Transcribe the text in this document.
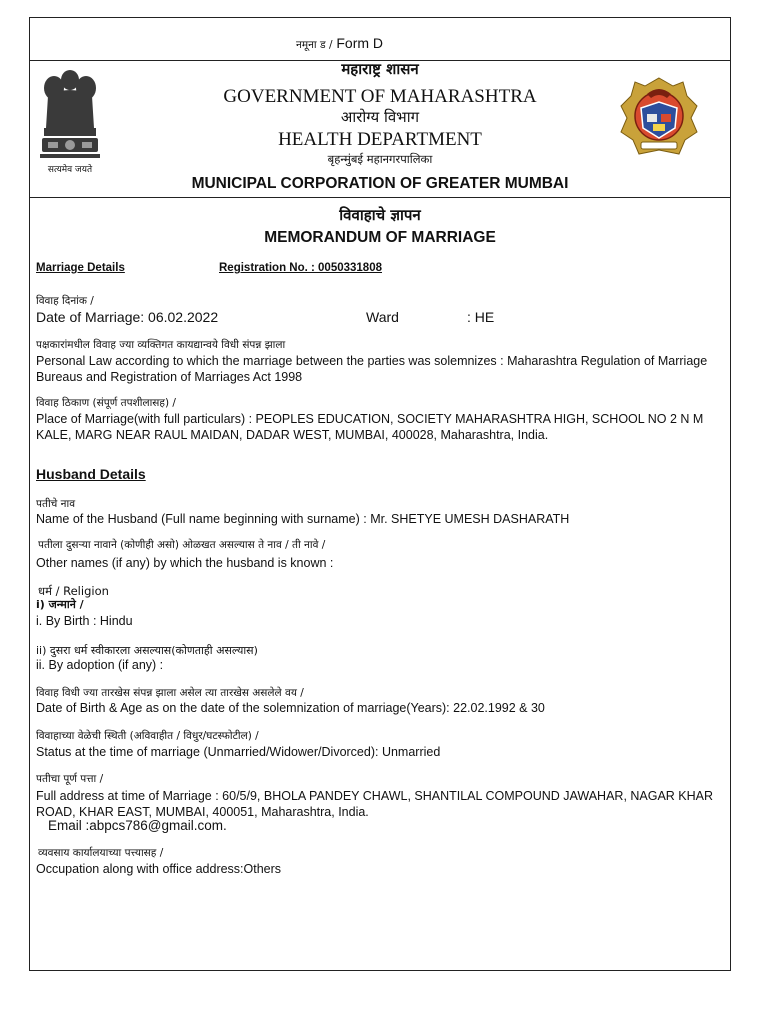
सत्यमेव जयते
नमूना ड / Form D
महाराष्ट्र शासन
GOVERNMENT OF MAHARASHTRA
आरोग्य विभाग
HEALTH DEPARTMENT
बृहन्मुंबई महानगरपालिका
MUNICIPAL CORPORATION OF GREATER MUMBAI
विवाहाचे ज्ञापन
MEMORANDUM OF MARRIAGE
Marriage Details	Registration No. : 0050331808
विवाह दिनांक /
Date of Marriage: 06.02.2022	Ward	: HE
पक्षकारांमधील विवाह ज्या व्यक्तिगत कायद्यान्वये विधी संपन्न झाला
Personal Law according to which the marriage between the parties was solemnizes : Maharashtra Regulation of Marriage Bureaus and Registration of Marriages Act 1998
विवाह ठिकाण (संपूर्ण तपशीलासह) /
Place of Marriage(with full particulars) : PEOPLES EDUCATION, SOCIETY MAHARASHTRA HIGH, SCHOOL NO 2 N M KALE, MARG NEAR RAUL MAIDAN, DADAR WEST, MUMBAI, 400028, Maharashtra, India.
Husband Details
पतीचे नाव
Name of the Husband (Full name beginning with surname) : Mr. SHETYE UMESH DASHARATH
पतीला दुसऱ्या नावाने (कोणीही असो) ओळखत असल्यास ते नाव / ती नावे /
Other names (if any) by which the husband is known :
धर्म / Religion
i) जन्माने /
i. By Birth : Hindu
ii) दुसरा धर्म स्वीकारला असल्यास(कोणताही असल्यास)
ii. By adoption (if any) :
विवाह विधी ज्या तारखेस संपन्न झाला असेल त्या तारखेस असलेले वय /
Date of Birth & Age as on the date of the solemnization of marriage(Years): 22.02.1992 & 30
विवाहाच्या वेळेची स्थिती (अविवाहीत / विधुर/घटस्फोटील) /
Status at the time of marriage (Unmarried/Widower/Divorced): Unmarried
पतीचा पूर्ण पत्ता /
Full address at time of Marriage : 60/5/9, BHOLA PANDEY CHAWL, SHANTILAL COMPOUND JAWAHAR, NAGAR KHAR ROAD, KHAR EAST, MUMBAI, 400051, Maharashtra, India.
Email :abpcs786@gmail.com.
व्यवसाय कार्यालयाच्या पत्त्यासह /
Occupation along with office address:Others
